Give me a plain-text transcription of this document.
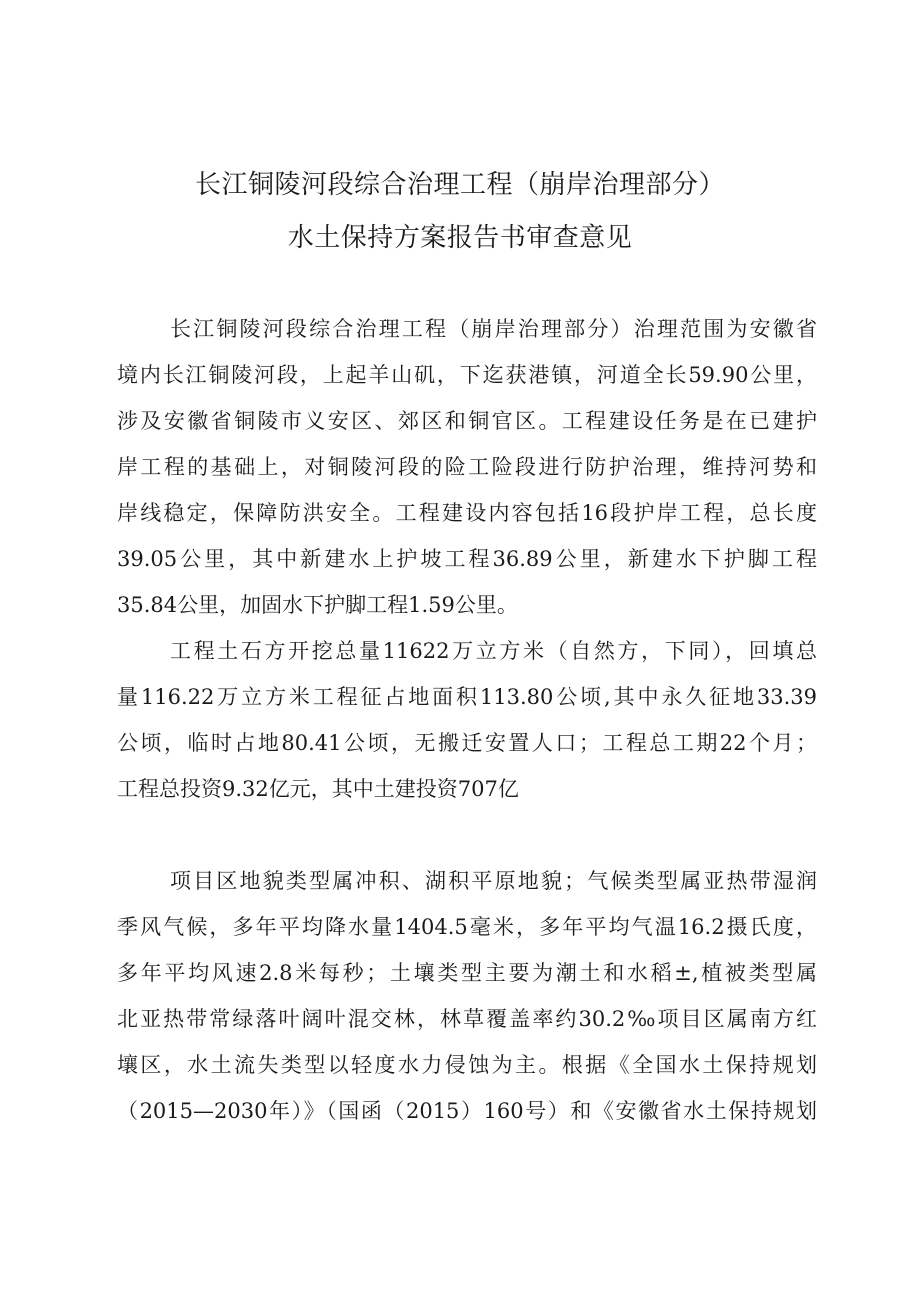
长江铜陵河段综合治理工程（崩岸治理部分）
水土保持方案报告书审查意见
长江铜陵河段综合治理工程（崩岸治理部分）治理范围为安徽省
境内长江铜陵河段，上起羊山矶，下迄获港镇，河道全长59.90公里，
涉及安徽省铜陵市义安区、郊区和铜官区。工程建设任务是在已建护
岸工程的基础上，对铜陵河段的险工险段进行防护治理，维持河势和
岸线稳定，保障防洪安全。工程建设内容包括16段护岸工程，总长度
39.05公里，其中新建水上护坡工程36.89公里，新建水下护脚工程
35.84公里，加固水下护脚工程1.59公里。
工程土石方开挖总量11622万立方米（自然方，下同），回填总
量116.22万立方米工程征占地面积113.80公顷,其中永久征地33.39
公顷，临时占地80.41公顷，无搬迁安置人口；工程总工期22个月；
工程总投资9.32亿元，其中土建投资707亿
项目区地貌类型属冲积、湖积平原地貌；气候类型属亚热带湿润
季风气候，多年平均降水量1404.5毫米，多年平均气温16.2摄氏度，
多年平均风速2.8米每秒；土壤类型主要为潮土和水稻±,植被类型属
北亚热带常绿落叶阔叶混交林，林草覆盖率约30.2‰项目区属南方红
壤区，水土流失类型以轻度水力侵蚀为主。根据《全国水土保持规划
（2015—2030年）》（国函（2015）160号）和《安徽省水土保持规划
